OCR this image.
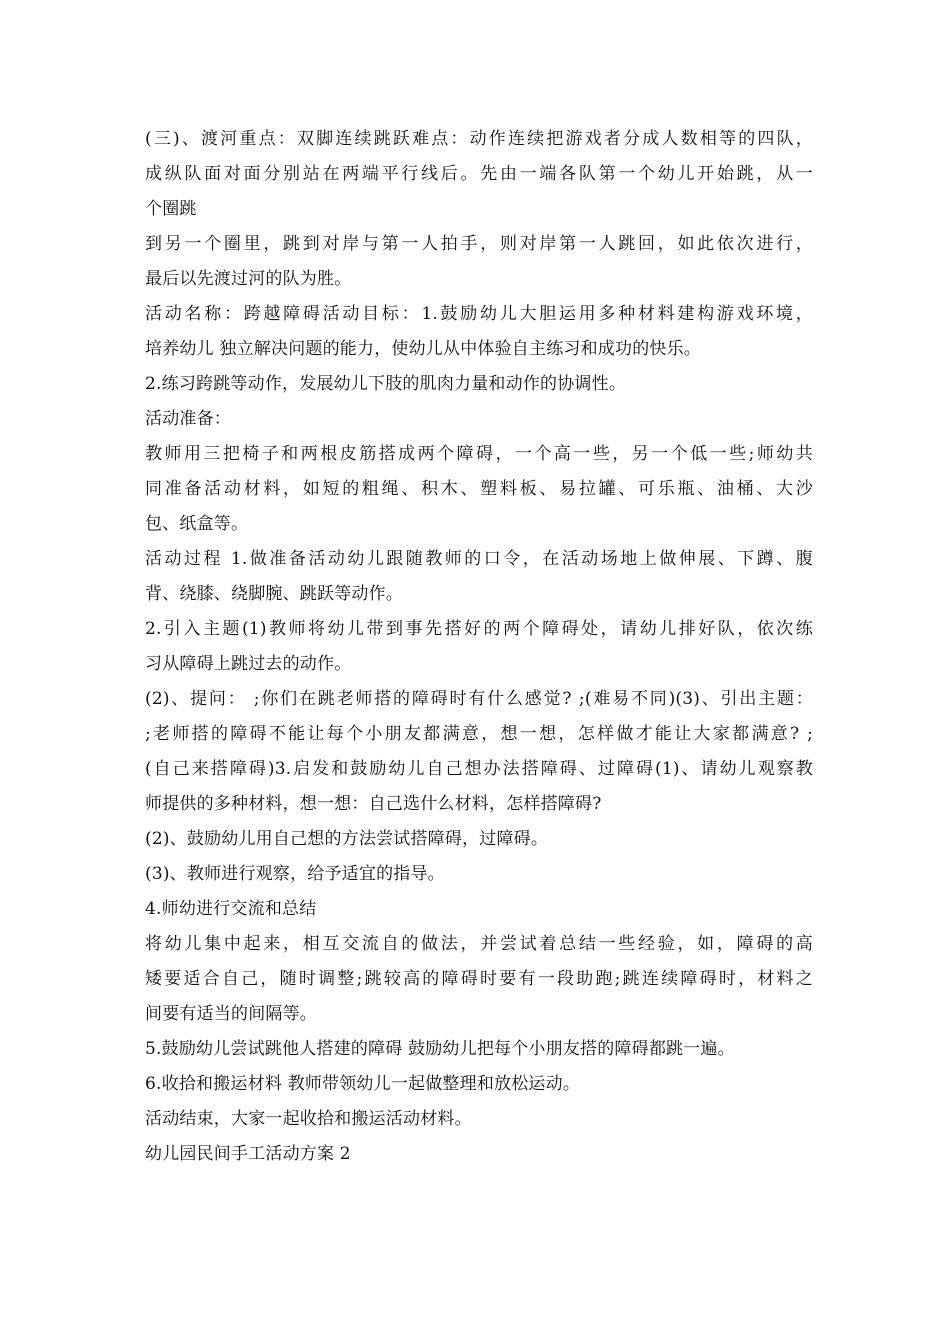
(三)、渡河重点：双脚连续跳跃难点：动作连续把游戏者分成人数相等的四队，
成纵队面对面分别站在两端平行线后。先由一端各队第一个幼儿开始跳，从一
个圈跳
到另一个圈里，跳到对岸与第一人拍手，则对岸第一人跳回，如此依次进行，
最后以先渡过河的队为胜。
活动名称：跨越障碍活动目标：1.鼓励幼儿大胆运用多种材料建构游戏环境，
培养幼儿 独立解决问题的能力，使幼儿从中体验自主练习和成功的快乐。
2.练习跨跳等动作，发展幼儿下肢的肌肉力量和动作的协调性。
活动准备：
教师用三把椅子和两根皮筋搭成两个障碍，一个高一些，另一个低一些;师幼共
同准备活动材料，如短的粗绳、积木、塑料板、易拉罐、可乐瓶、油桶、大沙
包、纸盒等。
活动过程 1.做准备活动幼儿跟随教师的口令，在活动场地上做伸展、下蹲、腹
背、绕膝、绕脚腕、跳跃等动作。
2.引入主题(1)教师将幼儿带到事先搭好的两个障碍处，请幼儿排好队，依次练
习从障碍上跳过去的动作。
(2)、提问： ;你们在跳老师搭的障碍时有什么感觉? ;(难易不同)(3)、引出主题：
;老师搭的障碍不能让每个小朋友都满意，想一想，怎样做才能让大家都满意? ;
(自己来搭障碍)3.启发和鼓励幼儿自己想办法搭障碍、过障碍(1)、请幼儿观察教
师提供的多种材料，想一想：自己选什么材料，怎样搭障碍?
(2)、鼓励幼儿用自己想的方法尝试搭障碍，过障碍。
(3)、教师进行观察，给予适宜的指导。
4.师幼进行交流和总结
将幼儿集中起来，相互交流自的做法，并尝试着总结一些经验，如，障碍的高
矮要适合自己，随时调整;跳较高的障碍时要有一段助跑;跳连续障碍时，材料之
间要有适当的间隔等。
5.鼓励幼儿尝试跳他人搭建的障碍 鼓励幼儿把每个小朋友搭的障碍都跳一遍。
6.收拾和搬运材料 教师带领幼儿一起做整理和放松运动。
活动结束，大家一起收拾和搬运活动材料。
幼儿园民间手工活动方案 2
